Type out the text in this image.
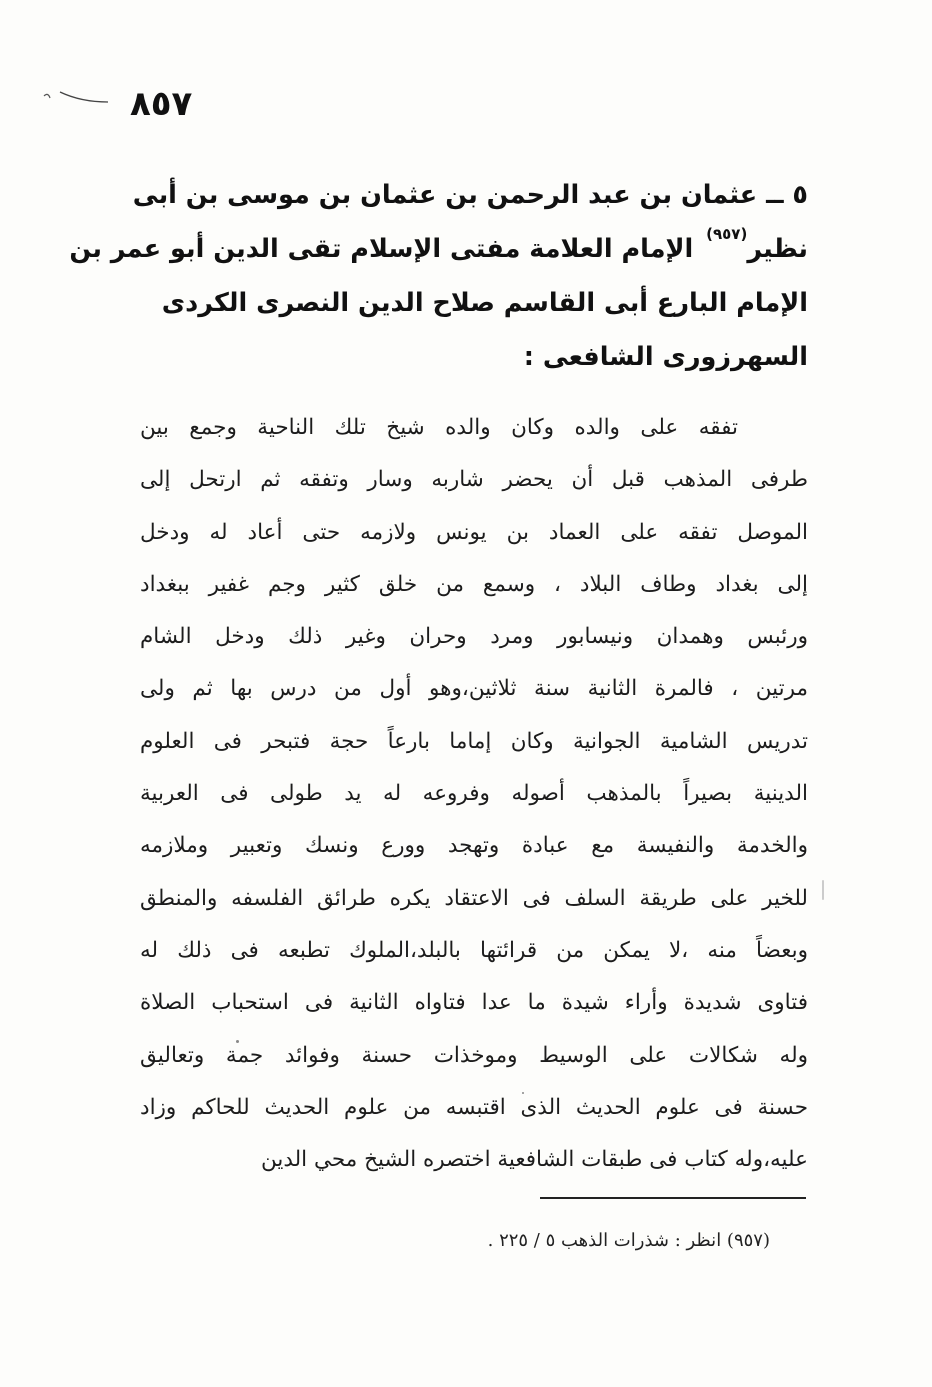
٨٥٧
٥ ــ عثمان بن عبد الرحمن بن عثمان بن موسى بن أبى
نظير$^{(٩٥٧)}$ الإمام العلامة مفتى الإسلام تقى الدين أبو عمر بن
الإمام البارع أبى القاسم صلاح الدين النصرى الكردى
السهرزورى الشافعى :
تفقه على والده وكان والده شيخ تلك الناحية وجمع بين
طرفى المذهب قبل أن يحضر شاربه وسار وتفقه ثم ارتحل إلى
الموصل تفقه على العماد بن يونس ولازمه حتى أعاد له ودخل
إلى بغداد وطاف البلاد ، وسمع من خلق كثير وجم غفير ببغداد
ورئبس وهمدان ونيسابور ومرد وحران وغير ذلك ودخل الشام
مرتين ، فالمرة الثانية سنة ثلاثين،وهو أول من درس بها ثم ولى
تدريس الشامية الجوانية وكان إماما بارعاً حجة فتبحر فى العلوم
الدينية بصيراً بالمذهب أصوله وفروعه له يد طولى فى العربية
والخدمة والنفيسة مع عبادة وتهجد وورع ونسك وتعبير وملازمه
للخير على طريقة السلف فى الاعتقاد يكره طرائق الفلسفه والمنطق
وبعضاً منه ،لا يمكن من قرائتها بالبلد،الملوك تطبعه فى ذلك له
فتاوى شديدة وأراء شيدة ما عدا فتاواه الثانية فى استحباب الصلاة
وله شكالات على الوسيط وموخذات حسنة وفوائد جمة وتعاليق
حسنة فى علوم الحديث الذى اقتبسه من علوم الحديث للحاكم وزاد
عليه،وله كتاب فى طبقات الشافعية اختصره الشيخ محي الدين
(٩٥٧) انظر : شذرات الذهب ٥ / ٢٢٥ .
